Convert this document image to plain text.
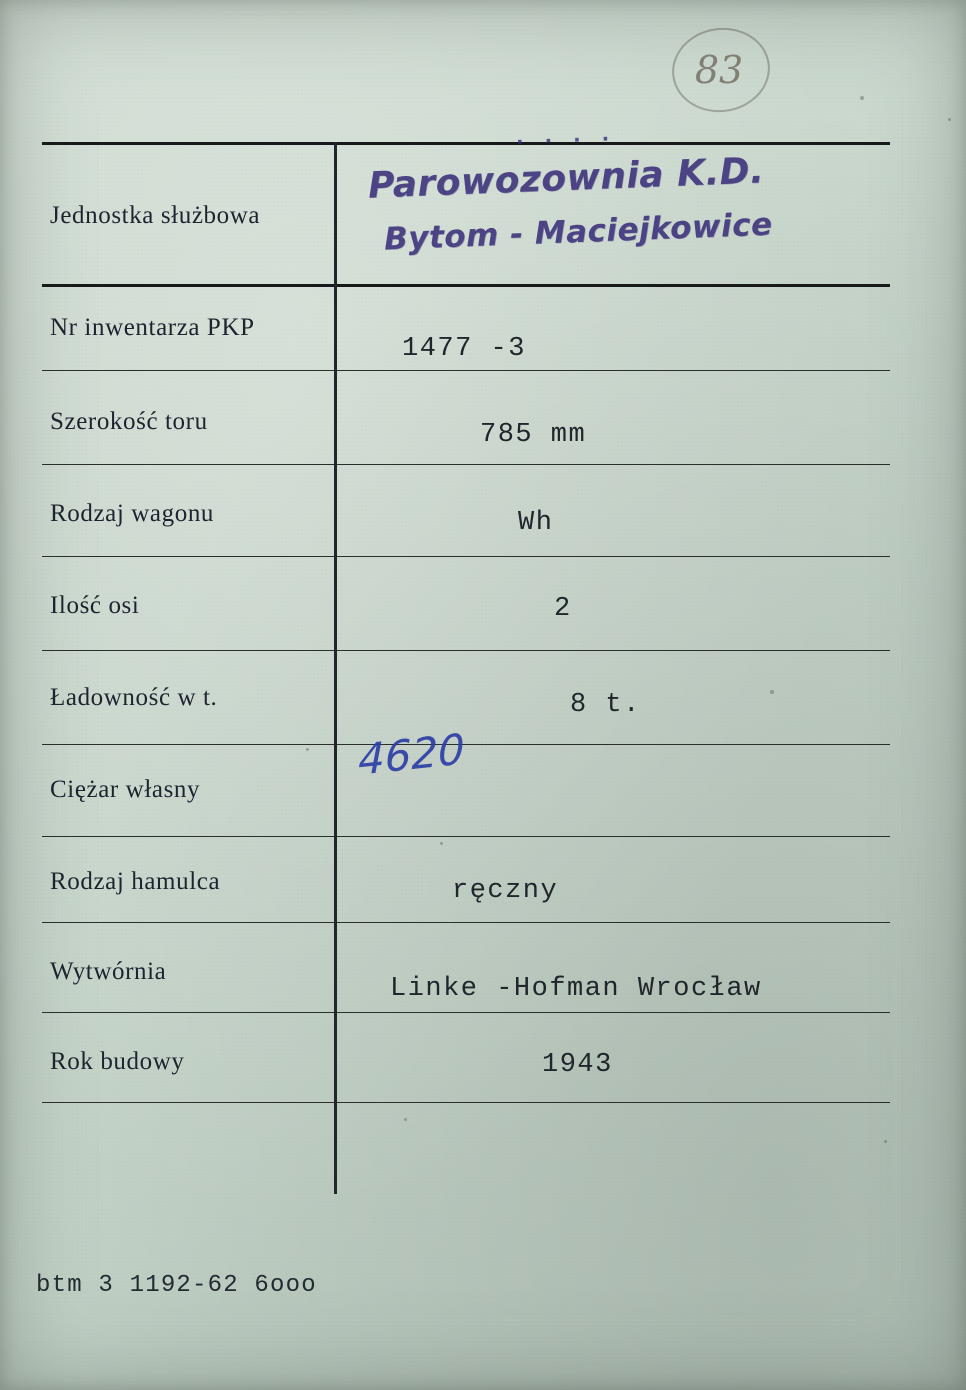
83
Jednostka służbowa
Nr inwentarza PKP
Szerokość toru
Rodzaj wagonu
Ilość osi
Ładowność w t.
Ciężar własny
Rodzaj hamulca
Wytwórnia
Rok budowy
1477 -3
785 mm
Wh
2
8 t.
ręczny
Linke -Hofman Wrocław
1943
· · · ·
Parowozownia K.D.
Bytom - Maciejkowice
4620
btm 3 1192-62 6ooo
